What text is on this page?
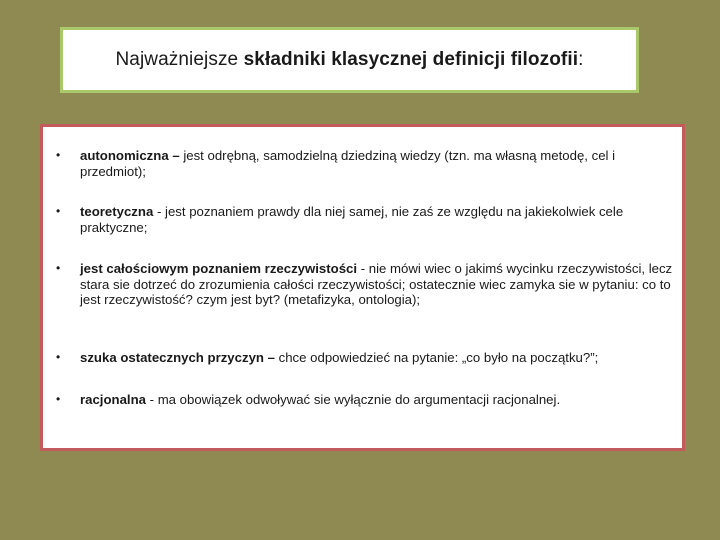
Najważniejsze składniki klasycznej definicji filozofii:
• autonomiczna – jest odrębną, samodzielną dziedziną wiedzy (tzn. ma własną metodę, cel i przedmiot);
• teoretyczna - jest poznaniem prawdy dla niej samej, nie zaś ze względu na jakiekolwiek cele praktyczne;
• jest całościowym poznaniem rzeczywistości - nie mówi wiec o jakimś wycinku rzeczywistości, lecz stara sie dotrzeć do zrozumienia całości rzeczywistości; ostatecznie wiec zamyka sie w pytaniu: co to jest rzeczywistość? czym jest byt? (metafizyka, ontologia);
• szuka ostatecznych przyczyn – chce odpowiedzieć na pytanie: „co było na początku?”;
• racjonalna - ma obowiązek odwoływać sie wyłącznie do argumentacji racjonalnej.
